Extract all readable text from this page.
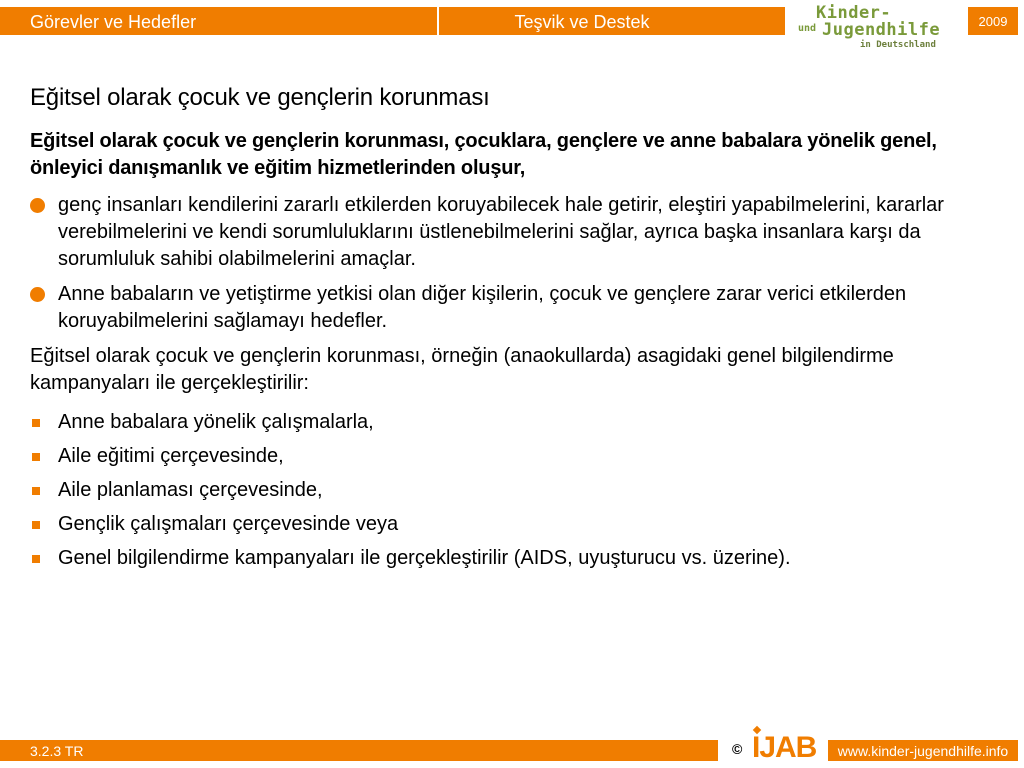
Görevler ve Hedefler	Teşvik ve Destek	Kinder-
und Jugendhilfe
in Deutschland
2009
Eğitsel olarak çocuk ve gençlerin korunması

Eğitsel olarak çocuk ve gençlerin korunması, çocuklara, gençlere ve anne babalara yönelik genel, önleyici danışmanlık ve eğitim hizmetlerinden oluşur,

genç insanları kendilerini zararlı etkilerden koruyabilecek hale getirir, eleştiri yapabilmelerini, kararlar verebilmelerini ve kendi sorumluluklarını üstlenebilmelerini sağlar, ayrıca başka insanlara karşı da sorumluluk sahibi olabilmelerini amaçlar.
Anne babaların ve yetiştirme yetkisi olan diğer kişilerin, çocuk ve gençlere zarar verici etkilerden koruyabilmelerini sağlamayı hedefler.

Eğitsel olarak çocuk ve gençlerin korunması, örneğin (anaokullarda) asagidaki genel bilgilendirme kampanyaları ile gerçekleştirilir:

Anne babalara yönelik çalışmalarla,
Aile eğitimi çerçevesinde,
Aile planlaması çerçevesinde,
Gençlik çalışmaları çerçevesinde veya
Genel bilgilendirme kampanyaları ile gerçekleştirilir (AIDS, uyuşturucu vs. üzerine).
3.2.3 TR	© IJAB	www.kinder-jugendhilfe.info
